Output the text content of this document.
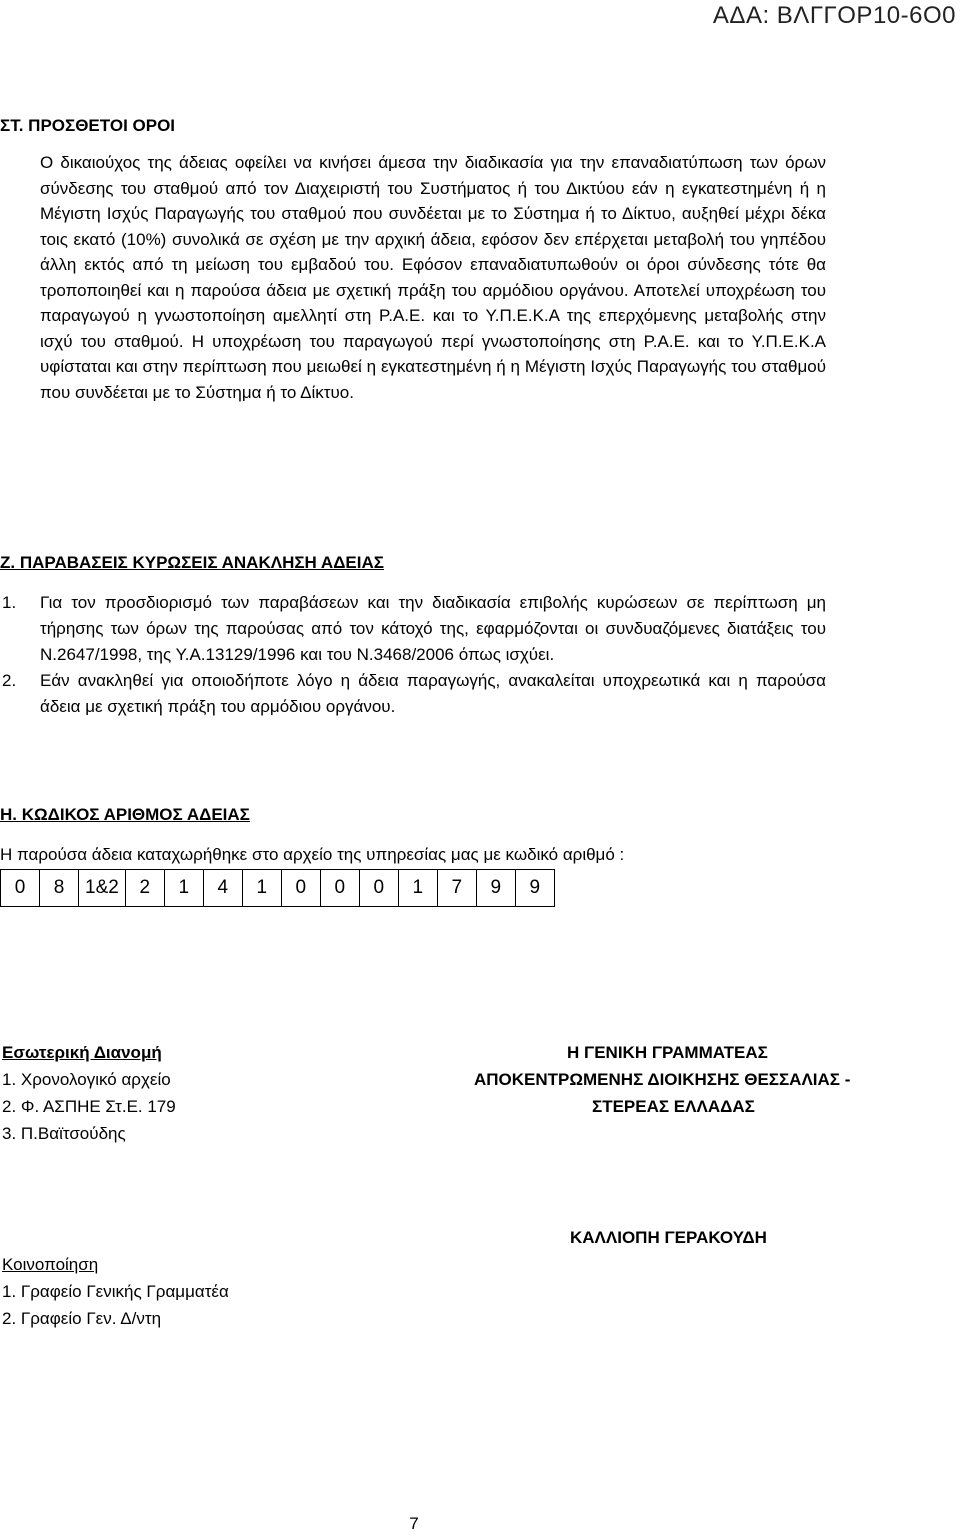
ΑΔΑ: ΒΛΓΓΟΡ10-6Ο0
ΣΤ. ΠΡΟΣΘΕΤΟΙ ΟΡΟΙ
Ο δικαιούχος της άδειας οφείλει να κινήσει άμεσα την διαδικασία για την επαναδιατύπωση των όρων σύνδεσης του σταθμού από τον Διαχειριστή του Συστήματος ή του Δικτύου εάν η εγκατεστημένη ή η Μέγιστη Ισχύς Παραγωγής του σταθμού που συνδέεται με το Σύστημα ή το Δίκτυο, αυξηθεί μέχρι δέκα τοις εκατό (10%) συνολικά σε σχέση με την αρχική άδεια, εφόσον δεν επέρχεται μεταβολή του γηπέδου άλλη εκτός από τη μείωση του εμβαδού του. Εφόσον επαναδιατυπωθούν οι όροι σύνδεσης τότε θα τροποποιηθεί και η παρούσα άδεια με σχετική πράξη του αρμόδιου οργάνου. Αποτελεί υποχρέωση του παραγωγού η γνωστοποίηση αμελλητί στη Ρ.Α.Ε. και το Υ.Π.Ε.Κ.Α της επερχόμενης μεταβολής στην ισχύ του σταθμού. Η υποχρέωση του παραγωγού περί γνωστοποίησης στη Ρ.Α.Ε. και το Υ.Π.Ε.Κ.Α υφίσταται και στην περίπτωση που μειωθεί η εγκατεστημένη ή η Μέγιστη Ισχύς Παραγωγής του σταθμού που συνδέεται με το Σύστημα ή το Δίκτυο.
Ζ. ΠΑΡΑΒΑΣΕΙΣ ΚΥΡΩΣΕΙΣ ΑΝΑΚΛΗΣΗ ΑΔΕΙΑΣ
1.	Για τον προσδιορισμό των παραβάσεων και την διαδικασία επιβολής κυρώσεων σε περίπτωση μη τήρησης των όρων της παρούσας από τον κάτοχό της, εφαρμόζονται οι συνδυαζόμενες διατάξεις του Ν.2647/1998, της Υ.Α.13129/1996 και του Ν.3468/2006 όπως ισχύει.
2.	Εάν ανακληθεί για οποιοδήποτε λόγο η άδεια παραγωγής, ανακαλείται υποχρεωτικά και η παρούσα άδεια με σχετική πράξη του αρμόδιου οργάνου.
Η. ΚΩΔΙΚΟΣ ΑΡΙΘΜΟΣ ΑΔΕΙΑΣ
Η παρούσα άδεια καταχωρήθηκε στο αρχείο της υπηρεσίας μας με κωδικό αριθμό :
0	8	1&2	2	1	4	1	0	0	0	1	7	9	9
Εσωτερική Διανομή
1. Χρονολογικό αρχείο
2. Φ. ΑΣΠΗΕ Στ.Ε. 179
3. Π.Βαϊτσούδης
Η ΓΕΝΙΚΗ ΓΡΑΜΜΑΤΕΑΣ
ΑΠΟΚΕΝΤΡΩΜΕΝΗΣ ΔΙΟΙΚΗΣΗΣ ΘΕΣΣΑΛΙΑΣ -
ΣΤΕΡΕΑΣ ΕΛΛΑΔΑΣ
ΚΑΛΛΙΟΠΗ ΓΕΡΑΚΟΥΔΗ
Κοινοποίηση
1. Γραφείο Γενικής Γραμματέα
2. Γραφείο Γεν. Δ/ντη
7
